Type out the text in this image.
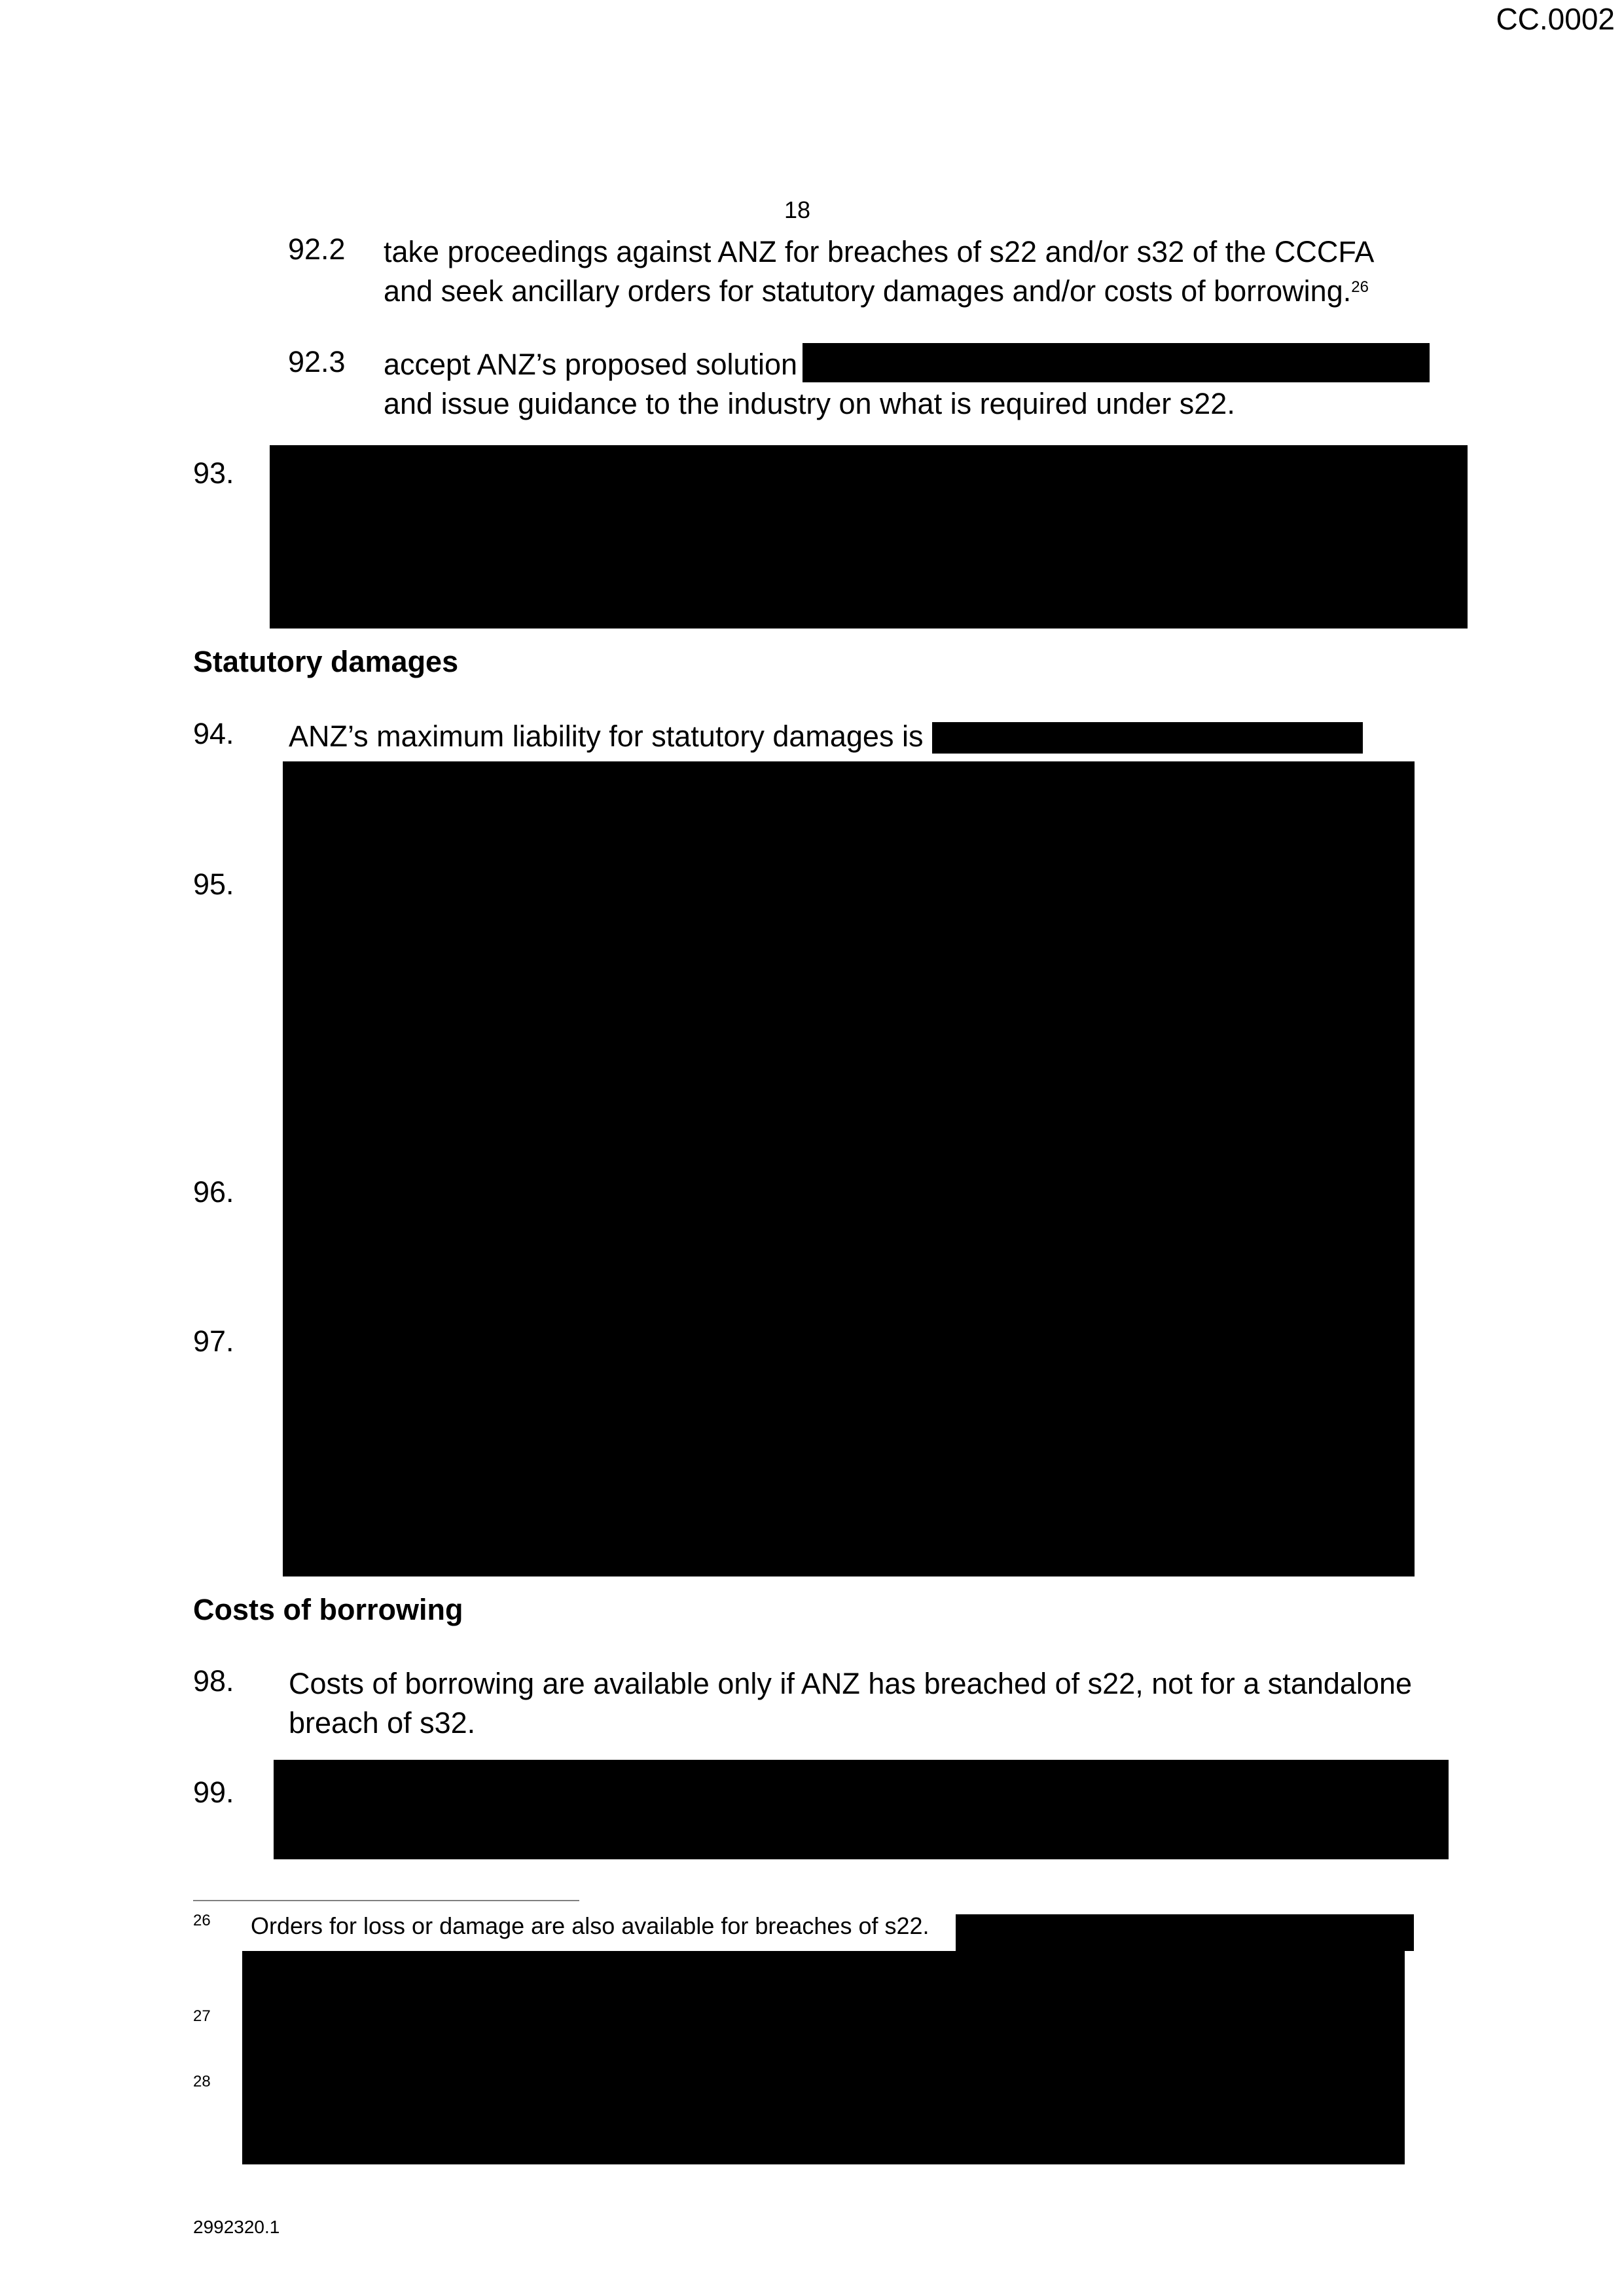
CC.0002
18
92.2 take proceedings against ANZ for breaches of s22 and/or s32 of the CCCFA
and seek ancillary orders for statutory damages and/or costs of borrowing.$^{26}$
92.3 accept ANZ’s proposed solution
and issue guidance to the industry on what is required under s22.
93.
Statutory damages
94. ANZ’s maximum liability for statutory damages is
95.
96.
97.
Costs of borrowing
98. Costs of borrowing are available only if ANZ has breached of s22, not for a standalone
breach of s32.
99.
26 Orders for loss or damage are also available for breaches of s22.
27
28
2992320.1
